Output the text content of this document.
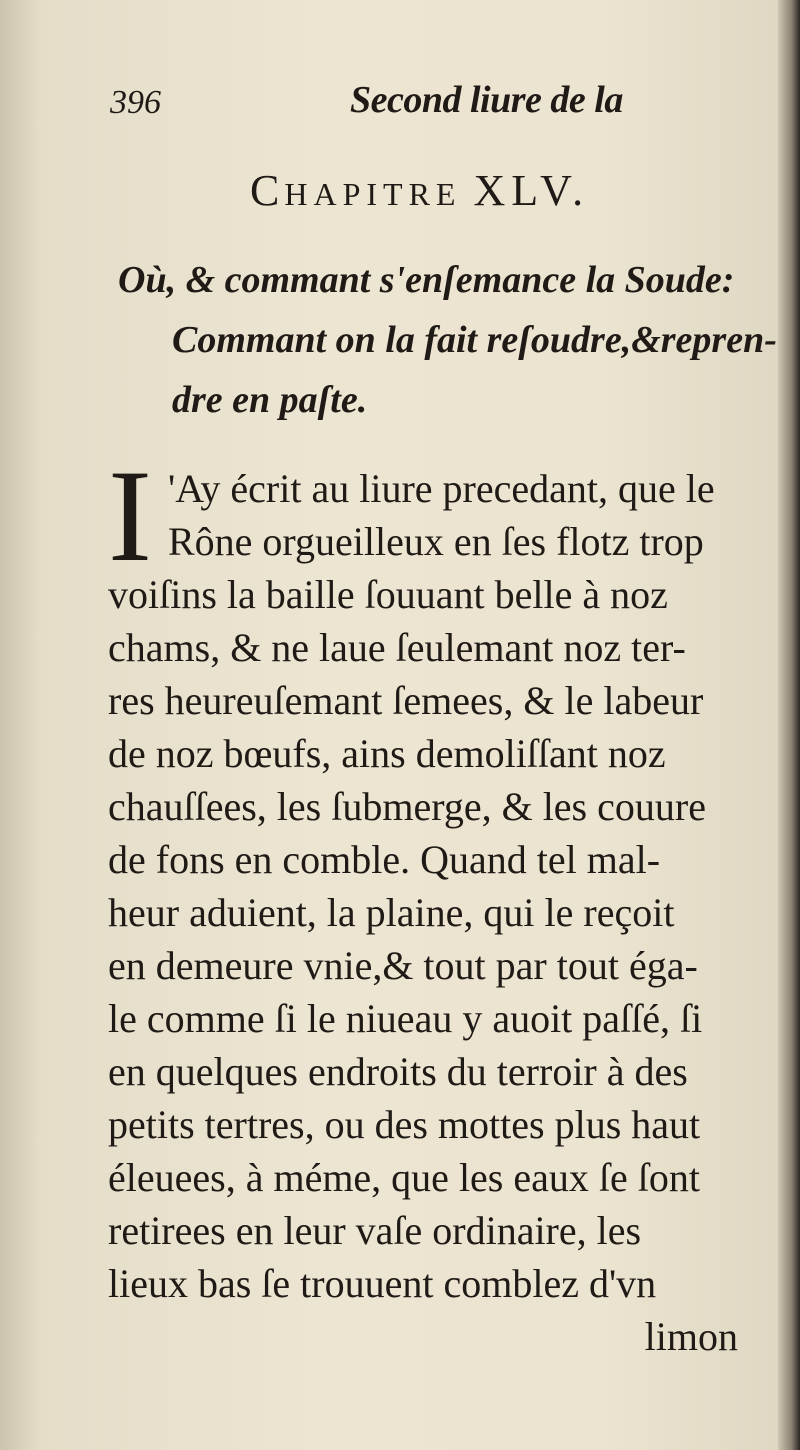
396	Second liure de la
CHAPITRE XLV.
Où, & commant s'enſemance la Soude:
Commant on la fait reſoudre,&repren-
dre en paſte.
I 'Ay écrit au liure precedant, que le
Rône orgueilleux en ſes flotz trop
voiſins la baille ſouuant belle à noz
chams, & ne laue ſeulemant noz ter-
res heureuſemant ſemees, & le labeur
de noz bœufs, ains demoliſſant noz
chauſſees, les ſubmerge, & les couure
de fons en comble. Quand tel mal-
heur aduient, la plaine, qui le reçoit
en demeure vnie,& tout par tout éga-
le comme ſi le niueau y auoit paſſé, ſi
en quelques endroits du terroir à des
petits tertres, ou des mottes plus haut
éleuees, à méme, que les eaux ſe ſont
retirees en leur vaſe ordinaire, les
lieux bas ſe trouuent comblez d'vn
limon
